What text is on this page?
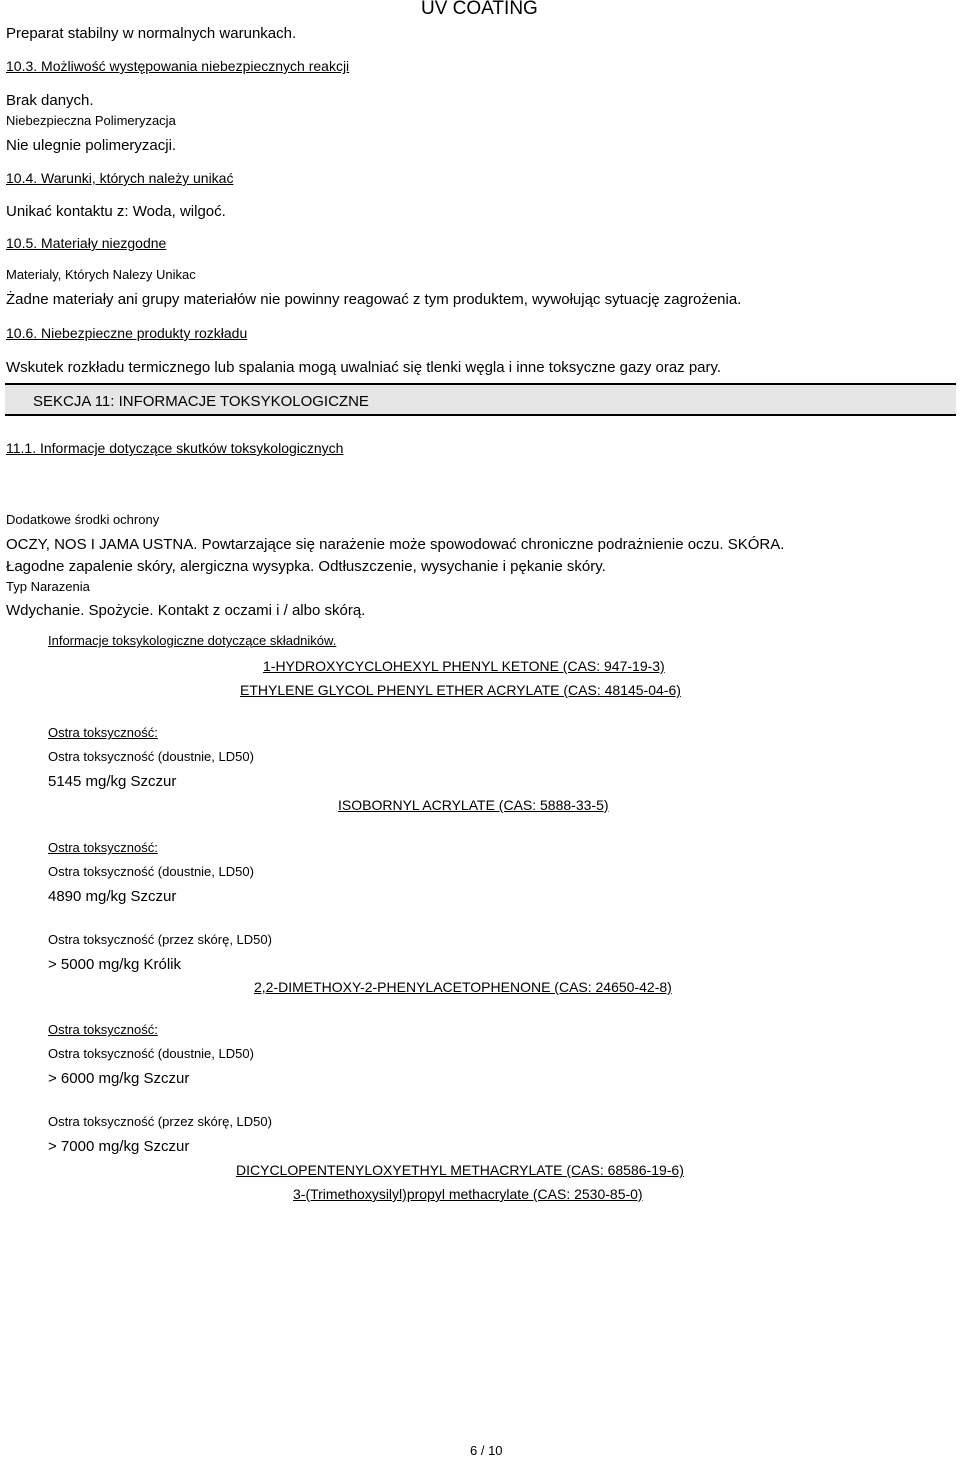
UV COATING
Preparat stabilny w normalnych warunkach.
10.3. Możliwość występowania niebezpiecznych reakcji
Brak danych.
Niebezpieczna Polimeryzacja
Nie ulegnie polimeryzacji.
10.4. Warunki, których należy unikać
Unikać kontaktu z: Woda, wilgoć.
10.5. Materiały niezgodne
Materialy, Których Nalezy Unikac
Żadne materiały ani grupy materiałów nie powinny reagować z tym produktem, wywołując sytuację zagrożenia.
10.6. Niebezpieczne produkty rozkładu
Wskutek rozkładu termicznego lub spalania mogą uwalniać się tlenki węgla i inne toksyczne gazy oraz pary.
SEKCJA 11: INFORMACJE TOKSYKOLOGICZNE
11.1. Informacje dotyczące skutków toksykologicznych
Dodatkowe środki ochrony
OCZY, NOS I JAMA USTNA. Powtarzające się narażenie może spowodować chroniczne podrażnienie oczu. SKÓRA.
Łagodne zapalenie skóry, alergiczna wysypka. Odtłuszczenie, wysychanie i pękanie skóry.
Typ Narazenia
Wdychanie. Spożycie. Kontakt z oczami i / albo skórą.
Informacje toksykologiczne dotyczące składników.
1-HYDROXYCYCLOHEXYL PHENYL KETONE (CAS: 947-19-3)
ETHYLENE GLYCOL PHENYL ETHER ACRYLATE (CAS: 48145-04-6)
Ostra toksyczność:
Ostra toksyczność (doustnie, LD50)
5145 mg/kg Szczur
ISOBORNYL ACRYLATE (CAS: 5888-33-5)
Ostra toksyczność:
Ostra toksyczność (doustnie, LD50)
4890 mg/kg Szczur
Ostra toksyczność (przez skórę, LD50)
> 5000 mg/kg Królik
2,2-DIMETHOXY-2-PHENYLACETOPHENONE (CAS: 24650-42-8)
Ostra toksyczność:
Ostra toksyczność (doustnie, LD50)
> 6000 mg/kg Szczur
Ostra toksyczność (przez skórę, LD50)
> 7000 mg/kg Szczur
DICYCLOPENTENYLOXYETHYL METHACRYLATE (CAS: 68586-19-6)
3-(Trimethoxysilyl)propyl methacrylate (CAS: 2530-85-0)
6 / 10
